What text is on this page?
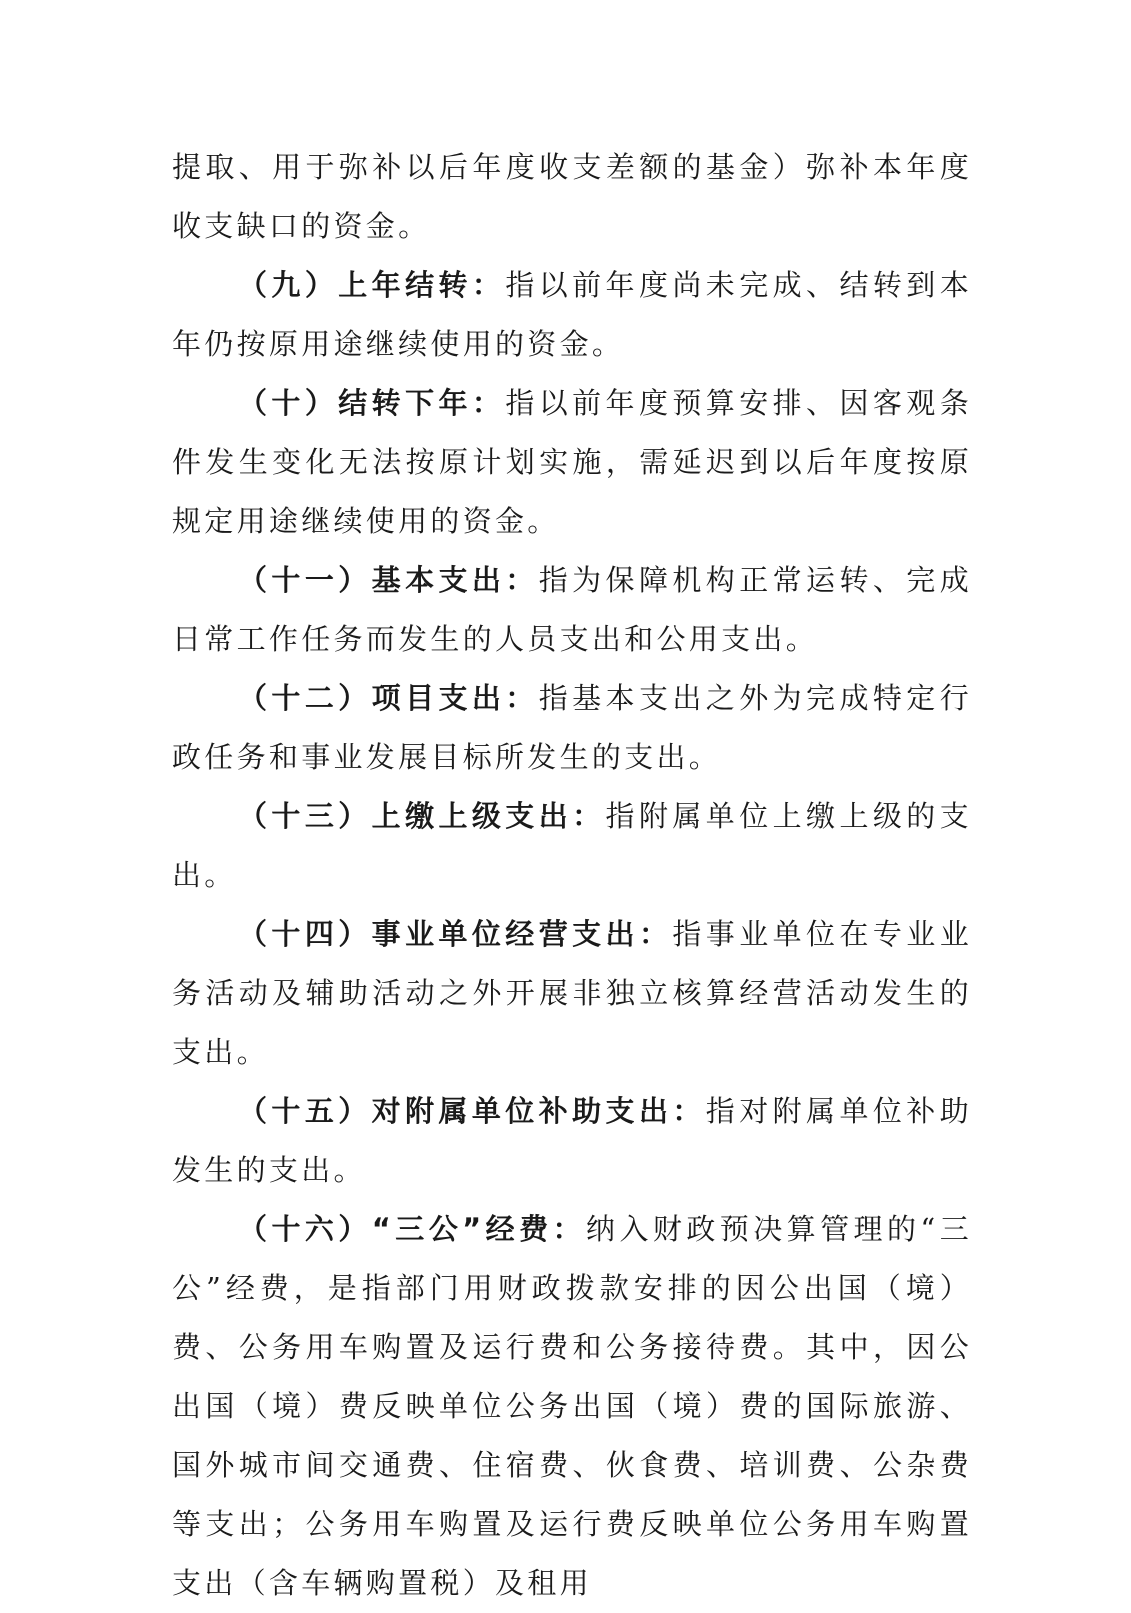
提取、用于弥补以后年度收支差额的基金）弥补本年度收支缺口的资金。

（九）上年结转：指以前年度尚未完成、结转到本年仍按原用途继续使用的资金。

（十）结转下年：指以前年度预算安排、因客观条件发生变化无法按原计划实施，需延迟到以后年度按原规定用途继续使用的资金。

（十一）基本支出：指为保障机构正常运转、完成日常工作任务而发生的人员支出和公用支出。

（十二）项目支出：指基本支出之外为完成特定行政任务和事业发展目标所发生的支出。

（十三）上缴上级支出：指附属单位上缴上级的支出。

（十四）事业单位经营支出：指事业单位在专业业务活动及辅助活动之外开展非独立核算经营活动发生的支出。

（十五）对附属单位补助支出：指对附属单位补助发生的支出。

（十六）“三公”经费：纳入财政预决算管理的“三公”经费，是指部门用财政拨款安排的因公出国（境）费、公务用车购置及运行费和公务接待费。其中，因公出国（境）费反映单位公务出国（境）费的国际旅游、国外城市间交通费、住宿费、伙食费、培训费、公杂费等支出；公务用车购置及运行费反映单位公务用车购置支出（含车辆购置税）及租用
